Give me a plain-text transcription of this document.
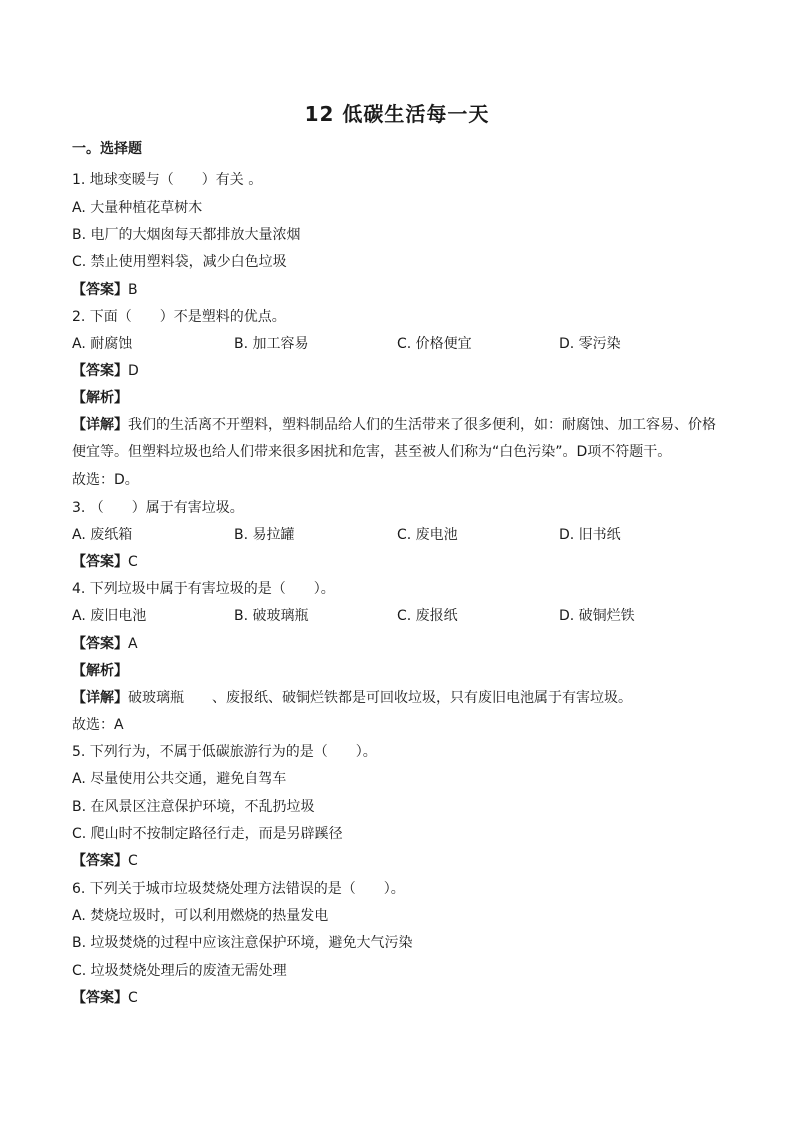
12 低碳生活每一天
一。选择题
1. 地球变暖与（　　）有关 。
A. 大量种植花草树木
B. 电厂的大烟囱每天都排放大量浓烟
C. 禁止使用塑料袋，减少白色垃圾
【答案】B
2. 下面（　　）不是塑料的优点。
A. 耐腐蚀	B. 加工容易	C. 价格便宜	D. 零污染
【答案】D
【解析】
【详解】我们的生活离不开塑料，塑料制品给人们的生活带来了很多便利，如：耐腐蚀、加工容易、价格便宜等。但塑料垃圾也给人们带来很多困扰和危害，甚至被人们称为“白色污染”。D项不符题干。
故选：D。
3. （　　）属于有害垃圾。
A. 废纸箱	B. 易拉罐	C. 废电池	D. 旧书纸
【答案】C
4. 下列垃圾中属于有害垃圾的是（　　）。
A. 废旧电池	B. 破玻璃瓶	C. 废报纸	D. 破铜烂铁
【答案】A
【解析】
【详解】破玻璃瓶　　、废报纸、破铜烂铁都是可回收垃圾，只有废旧电池属于有害垃圾。
故选：A
5. 下列行为，不属于低碳旅游行为的是（　　）。
A. 尽量使用公共交通，避免自驾车
B. 在风景区注意保护环境，不乱扔垃圾
C. 爬山时不按制定路径行走，而是另辟蹊径
【答案】C
6. 下列关于城市垃圾焚烧处理方法错误的是（　　）。
A. 焚烧垃圾时，可以利用燃烧的热量发电
B. 垃圾焚烧的过程中应该注意保护环境，避免大气污染
C. 垃圾焚烧处理后的废渣无需处理
【答案】C
